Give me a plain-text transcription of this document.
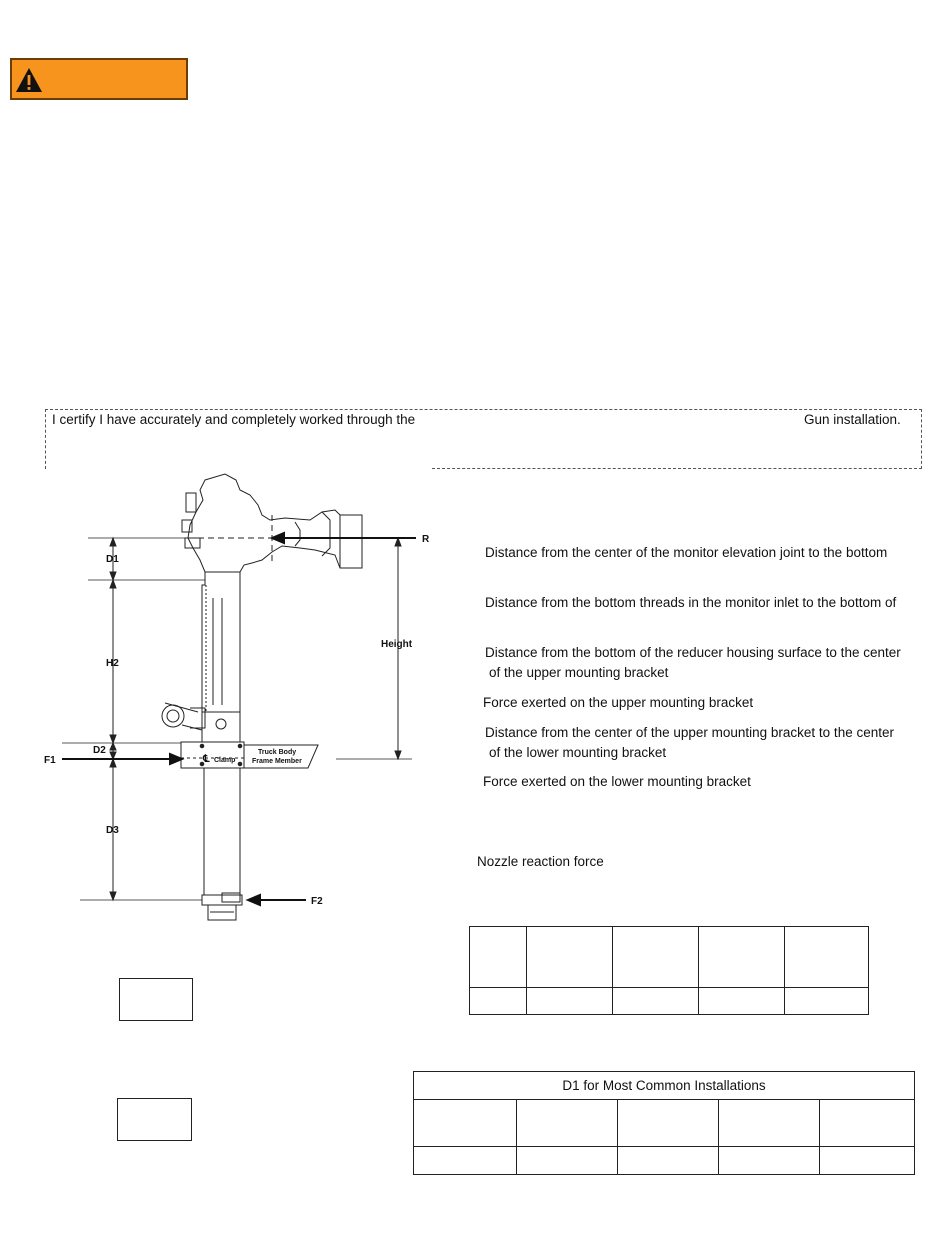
I certify I have accurately and completely worked through the	Gun installation.
R
Height
D1
H2
D2
D3
F1
F2
℄ Clamp
Truck Body
Frame Member
Distance from the center of the monitor elevation joint to the bottom
Distance from the bottom threads in the monitor inlet to the bottom of
Distance from the bottom of the reducer housing surface to the center
of the upper mounting bracket
Force exerted on the upper mounting bracket
Distance from the center of the upper mounting bracket to the center
of the lower mounting bracket
Force exerted on the lower mounting bracket
Nozzle reaction force

D1 for Most Common Installations				
